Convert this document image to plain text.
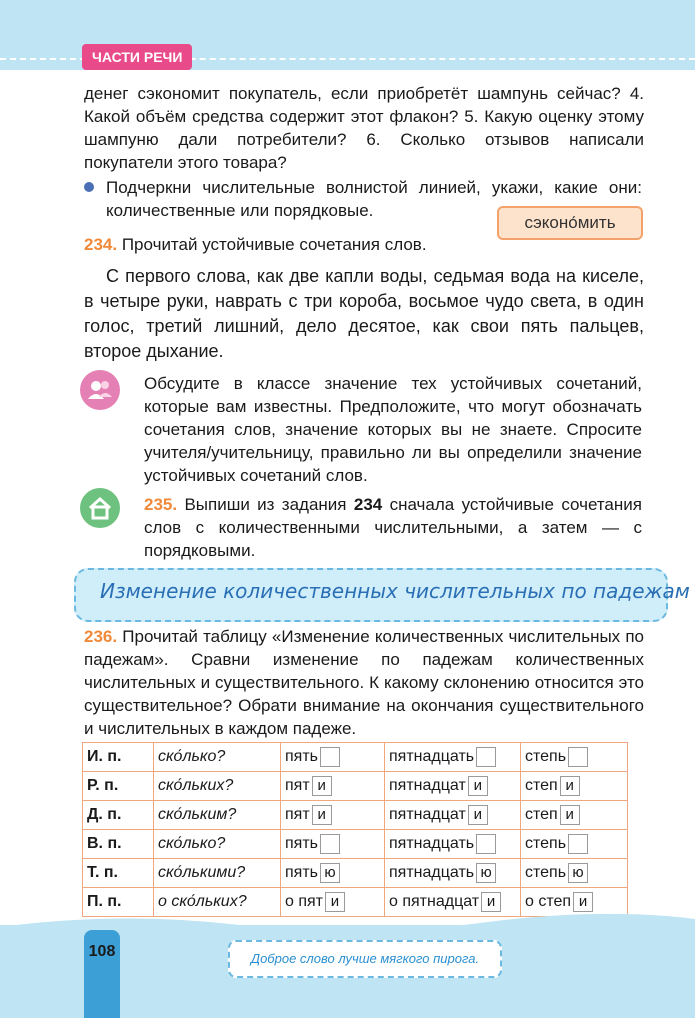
ЧАСТИ РЕЧИ
денег сэкономит покупатель, если приобретёт шампунь сейчас? 4. Какой объём средства содержит этот флакон? 5. Какую оценку этому шампуню дали потребители? 6. Сколько отзывов написали покупатели этого товара?
Подчеркни числительные волнистой линией, укажи, какие они: количественные или порядковые.
сэконо́мить
234. Прочитай устойчивые сочетания слов.
С первого слова, как две капли воды, седьмая вода на киселе, в четыре руки, наврать с три короба, восьмое чудо света, в один голос, третий лишний, дело десятое, как свои пять пальцев, второе дыхание.
Обсудите в классе значение тех устойчивых сочетаний, которые вам известны. Предположите, что могут обозначать сочетания слов, значение которых вы не знаете. Спросите учителя/учительницу, правильно ли вы определили значение устойчивых сочетаний слов.
235. Выпиши из задания 234 сначала устойчивые сочетания слов с количественными числительными, а затем — с порядковыми.
Изменение количественных числительных по падежам
236. Прочитай таблицу «Изменение количественных числительных по падежам». Сравни изменение по падежам количественных числительных и существительного. К какому склонению относится это существительное? Обрати внимание на окончания существительного и числительных в каждом падеже.
И. п.	ско́лько?	пять	пятнадцать	степь
Р. п.	ско́льких?	пят и	пятнадцат и	степ и
Д. п.	ско́льким?	пят и	пятнадцат и	степ и
В. п.	ско́лько?	пять	пятнадцать	степь
Т. п.	ско́лькими?	пять ю	пятнадцать ю	степь ю
П. п.	о ско́льких?	о пят и	о пятнадцат и	о степ и
108	Доброе слово лучше мягкого пирога.
